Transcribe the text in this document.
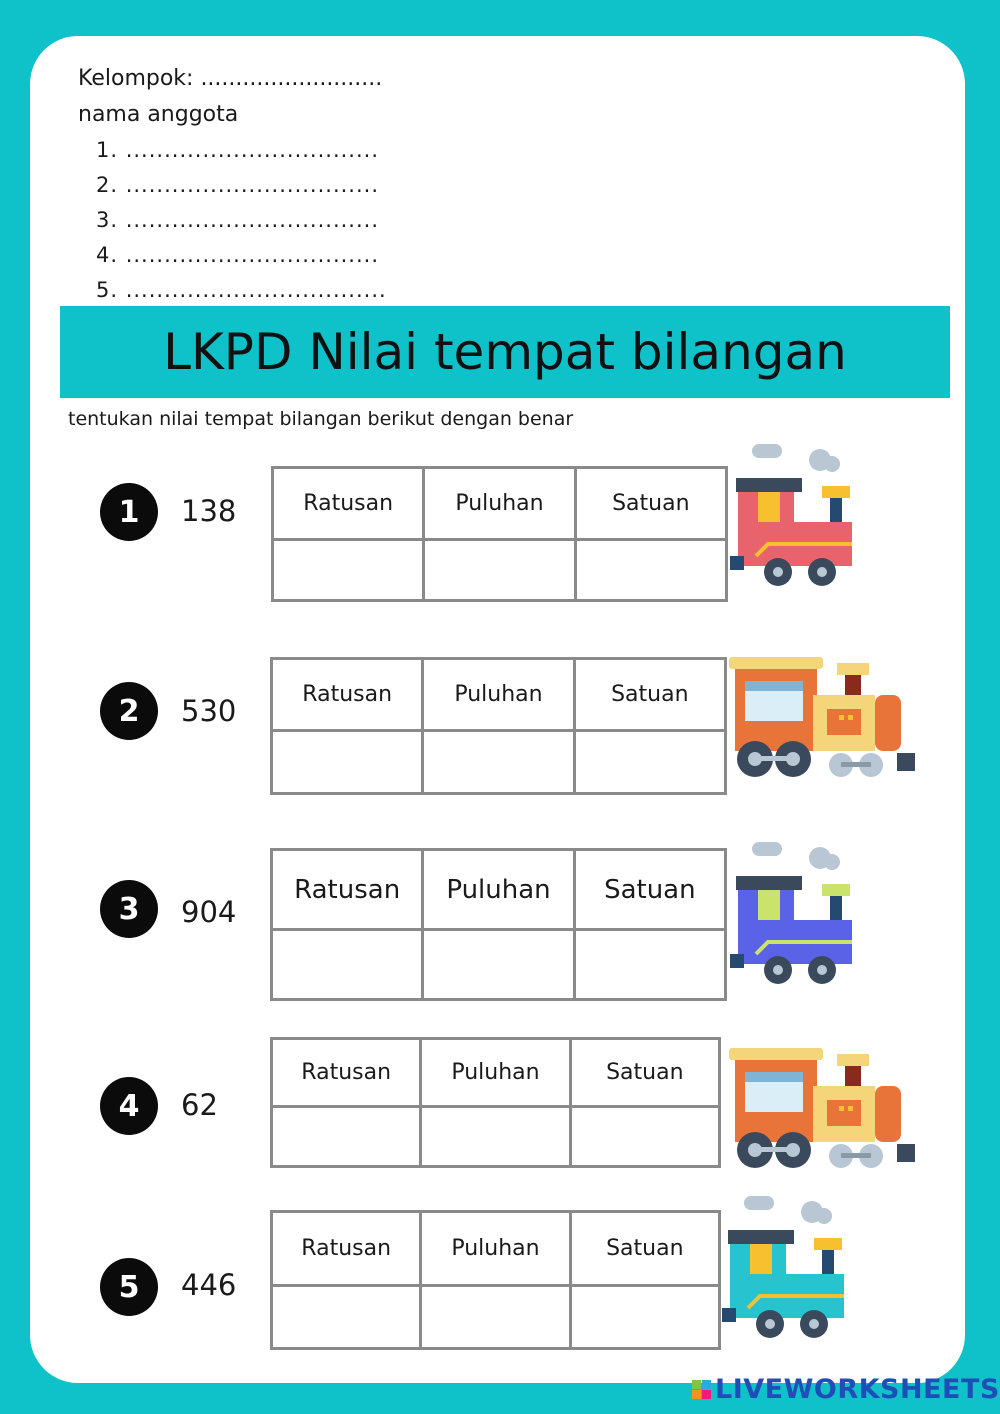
Kelompok: ..........................
nama anggota
1. .................................
2. .................................
3. .................................
4. .................................
5. ..................................
LKPD Nilai tempat bilangan
tentukan nilai tempat bilangan berikut dengan benar
1	138	Ratusan	Puluhan	Satuan

2	530	Ratusan	Puluhan	Satuan

3	904
Ratusan	Puluhan	Satuan

4	62
Ratusan	Puluhan	Satuan

5	446
Ratusan	Puluhan	Satuan

LIVEWORKSHEETS
